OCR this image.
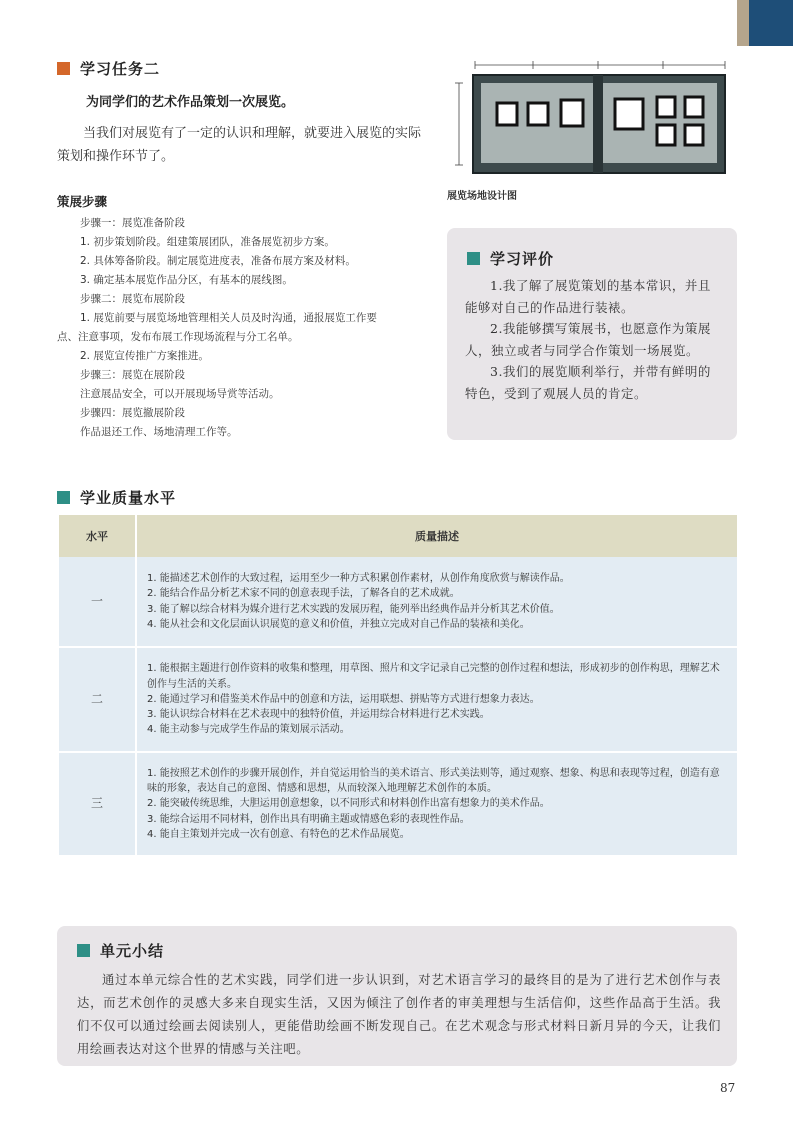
学习任务二
为同学们的艺术作品策划一次展览。

当我们对展览有了一定的认识和理解，就要进入展览的实际策划和操作环节了。

策展步骤
步骤一：展览准备阶段
1. 初步策划阶段。组建策展团队，准备展览初步方案。
2. 具体筹备阶段。制定展览进度表，准备布展方案及材料。
3. 确定基本展览作品分区，有基本的展线图。
步骤二：展览布展阶段
1. 展览前要与展览场地管理相关人员及时沟通，通报展览工作要
点、注意事项，发布布展工作现场流程与分工名单。
2. 展览宣传推广方案推进。
步骤三：展览在展阶段
注意展品安全，可以开展现场导赏等活动。
步骤四：展览撤展阶段
作品退还工作、场地清理工作等。
展览场地设计图
学习评价

1.我了解了展览策划的基本常识，并且能够对自己的作品进行装裱。

2.我能够撰写策展书，也愿意作为策展人，独立或者与同学合作策划一场展览。

3.我们的展览顺利举行，并带有鲜明的特色，受到了观展人员的肯定。

学业质量水平
水平	质量描述
一	1. 能描述艺术创作的大致过程，运用至少一种方式积累创作素材，从创作角度欣赏与解读作品。
2. 能结合作品分析艺术家不同的创意表现手法，了解各自的艺术成就。
3. 能了解以综合材料为媒介进行艺术实践的发展历程，能列举出经典作品并分析其艺术价值。
4. 能从社会和文化层面认识展览的意义和价值，并独立完成对自己作品的装裱和美化。

二	1. 能根据主题进行创作资料的收集和整理，用草图、照片和文字记录自己完整的创作过程和想法，形成初步的创作构思，理解艺术创作与生活的关系。
2. 能通过学习和借鉴美术作品中的创意和方法，运用联想、拼贴等方式进行想象力表达。
3. 能认识综合材料在艺术表现中的独特价值，并运用综合材料进行艺术实践。
4. 能主动参与完成学生作品的策划展示活动。

三	1. 能按照艺术创作的步骤开展创作，并自觉运用恰当的美术语言、形式美法则等，通过观察、想象、构思和表现等过程，创造有意味的形象，表达自己的意图、情感和思想，从而较深入地理解艺术创作的本质。
2. 能突破传统思维，大胆运用创意想象，以不同形式和材料创作出富有想象力的美术作品。
3. 能综合运用不同材料，创作出具有明确主题或情感色彩的表现性作品。
4. 能自主策划并完成一次有创意、有特色的艺术作品展览。
单元小结

通过本单元综合性的艺术实践，同学们进一步认识到，对艺术语言学习的最终目的是为了进行艺术创作与表达，而艺术创作的灵感大多来自现实生活，又因为倾注了创作者的审美理想与生活信仰，这些作品高于生活。我们不仅可以通过绘画去阅读别人，更能借助绘画不断发现自己。在艺术观念与形式材料日新月异的今天，让我们用绘画表达对这个世界的情感与关注吧。

87
